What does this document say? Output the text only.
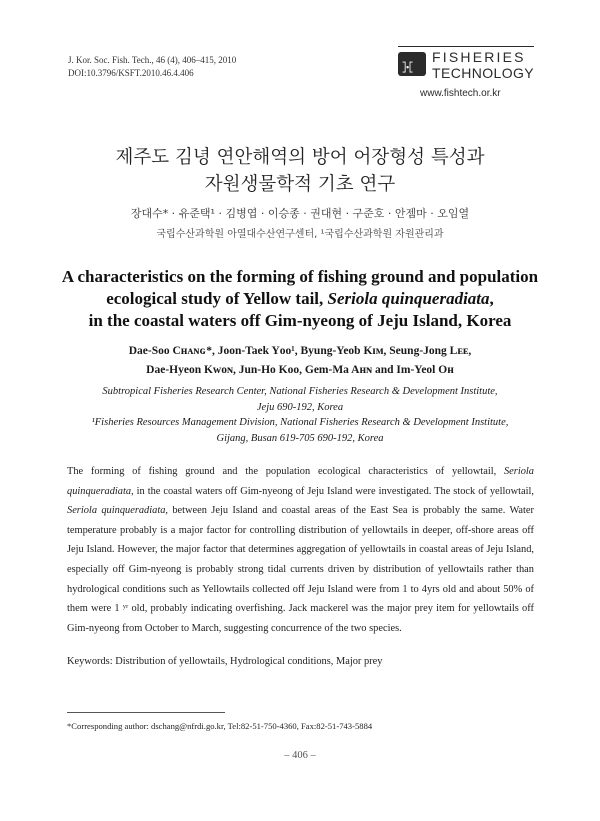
J. Kor. Soc. Fish. Tech., 46 (4), 406–415, 2010
DOI:10.3796/KSFT.2010.46.4.406	⯘
FISHERIES
TECHNOLOGY
www.fishtech.or.kr
제주도 김녕 연안해역의 방어 어장형성 특성과
자원생물학적 기초 연구
장대수* · 유준택¹ · 김병엽 · 이승종 · 권대현 · 구준호 · 안젬마 · 오임열
국립수산과학원 아열대수산연구센터, ¹국립수산과학원 자원관리과
A characteristics on the forming of fishing ground and population
ecological study of Yellow tail, Seriola quinqueradiata,
in the coastal waters off Gim-nyeong of Jeju Island, Korea
Dae-Soo Cʜᴀɴɢ*, Joon-Taek Yᴏᴏ¹, Byung-Yeob Kɪᴍ, Seung-Jong Lᴇᴇ,
Dae-Hyeon Kᴡᴏɴ, Jun-Ho Kᴏᴏ, Gem-Ma Aʜɴ and Im-Yeol Oʜ
Subtropical Fisheries Research Center, National Fisheries Research & Development Institute,
Jeju 690-192, Korea
¹Fisheries Resources Management Division, National Fisheries Research & Development Institute,
Gijang, Busan 619-705 690-192, Korea
The forming of fishing ground and the population ecological characteristics of yellowtail, Seriola quinqueradiata, in the coastal waters off Gim-nyeong of Jeju Island were investigated. The stock of yellowtail, Seriola quinqueradiata, between Jeju Island and coastal areas of the East Sea is probably the same. Water temperature probably is a major factor for controlling distribution of yellowtails in deeper, off-shore areas off Jeju Island. However, the major factor that determines aggregation of yellowtails in coastal areas of Jeju Island, especially off Gim-nyeong is probably strong tidal currents driven by distribution of yellowtails rather than hydrological conditions such as Yellowtails collected off Jeju Island were from 1 to 4yrs old and about 50% of them were 1 ʸʳ old, probably indicating overfishing. Jack mackerel was the major prey item for yellowtails off Gim-nyeong from October to March, suggesting concurrence of the two species.
Keywords: Distribution of yellowtails, Hydrological conditions, Major prey
*Corresponding author: dschang@nfrdi.go.kr, Tel:82-51-750-4360, Fax:82-51-743-5884
– 406 –
